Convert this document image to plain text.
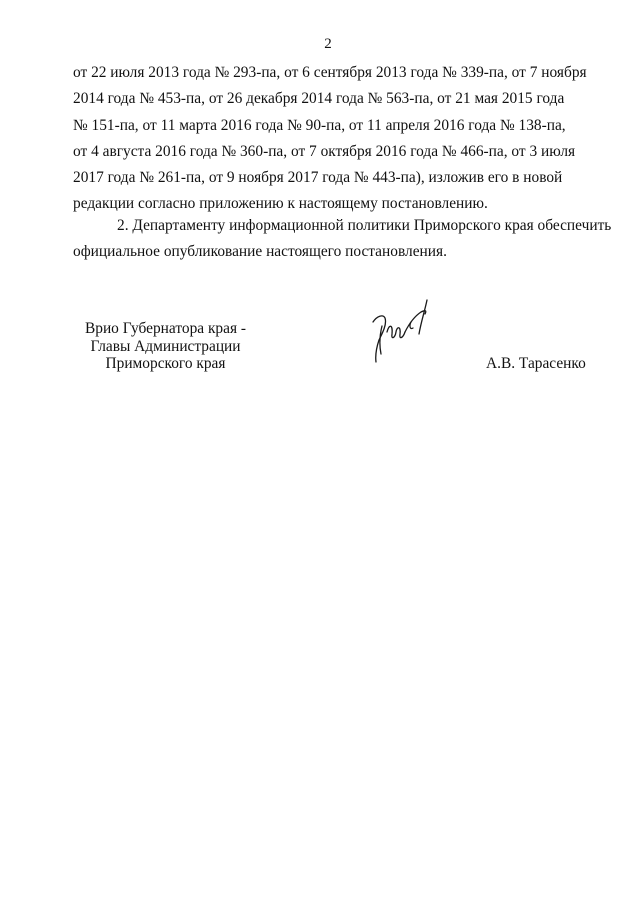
2

от 22 июля 2013 года № 293-па, от 6 сентября 2013 года № 339-па, от 7 ноября
2014 года № 453-па, от 26 декабря 2014 года № 563-па, от 21 мая 2015 года
№ 151-па, от 11 марта 2016 года № 90-па, от 11 апреля 2016 года № 138-па,
от 4 августа 2016 года № 360-па, от 7 октября 2016 года № 466-па, от 3 июля
2017 года № 261-па, от 9 ноября 2017 года № 443-па), изложив его в новой
редакции согласно приложению к настоящему постановлению.

2. Департаменту информационной политики Приморского края обеспечить
официальное опубликование настоящего постановления.

Врио Губернатора края -
Главы Администрации
Приморского края	А.В. Тарасенко
